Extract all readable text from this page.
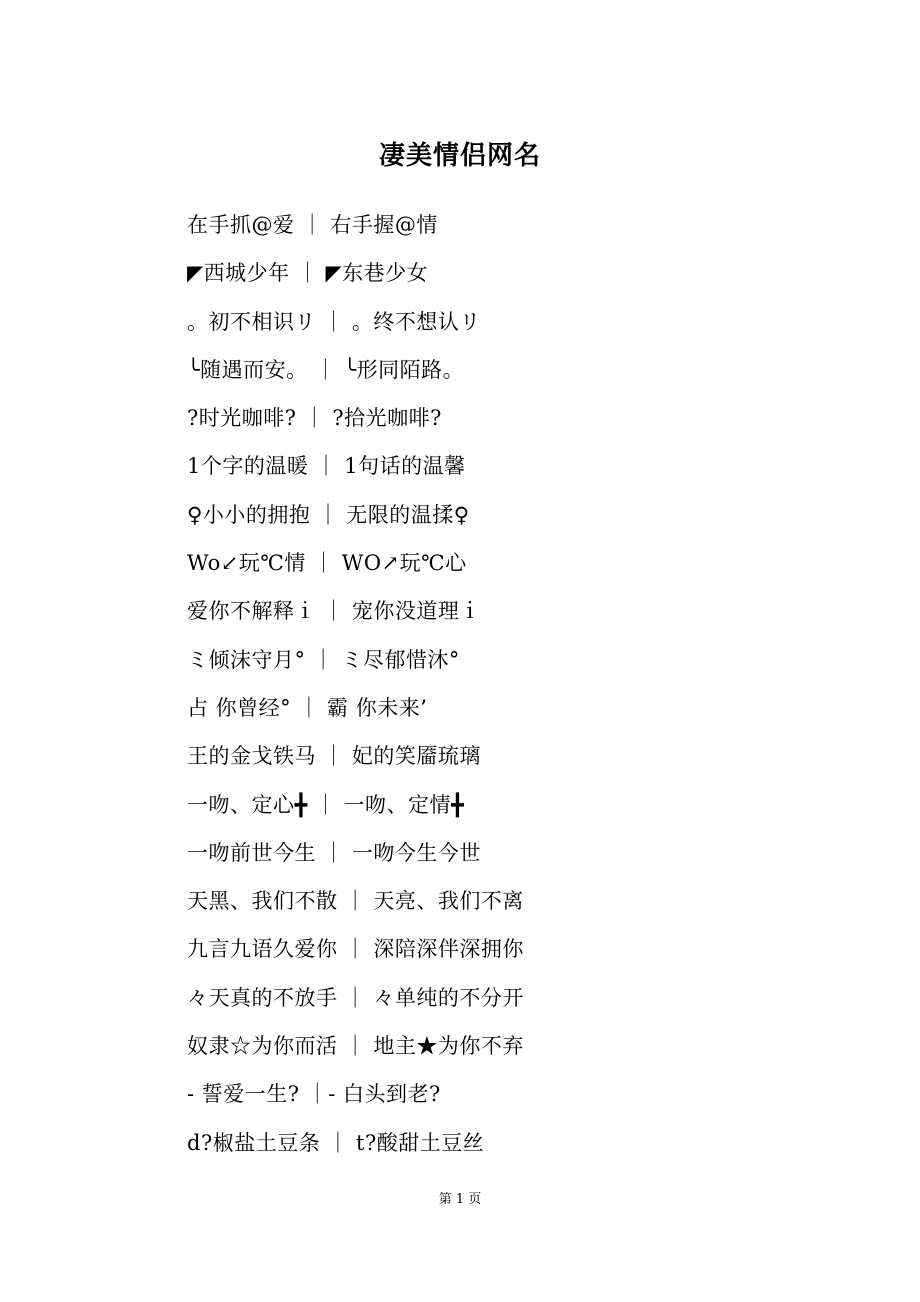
凄美情侣网名
在手抓@爱 ｜ 右手握@情
◤西城少年 ｜ ◤东巷少女
。初不相识リ ｜ 。终不想认リ
╰随遇而安。 ｜ ╰形同陌路。
?时光咖啡? ｜ ?拾光咖啡?
1个字的温暖 ｜ 1句话的温馨
♀小小的拥抱 ｜ 无限的温揉♀
Wo↙玩℃情 ｜ WO↗玩℃心
爱你不解释ｉ ｜ 宠你没道理ｉ
ミ倾沫守月° ｜ ミ尽郁惜沐°
占 你曾经° ｜ 霸 你未来’
王的金戈铁马 ｜ 妃的笑靥琉璃
一吻、定心╋ ｜ 一吻、定情╋
一吻前世今生 ｜ 一吻今生今世
天黑、我们不散 ｜ 天亮、我们不离
九言九语久爱你 ｜ 深陪深伴深拥你
々天真的不放手 ｜ 々单纯的不分开
奴隶☆为你而活 ｜ 地主★为你不弃
- 誓爱一生? ｜- 白头到老?
d?椒盐土豆条 ｜ t?酸甜土豆丝
第 1 页
